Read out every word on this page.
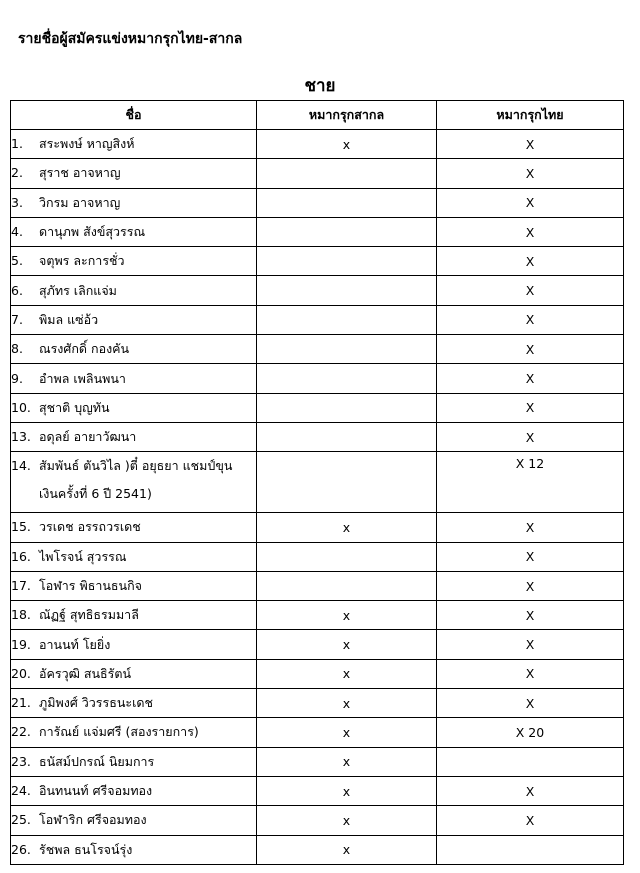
รายชื่อผู้สมัครแข่งหมากรุกไทย-สากล
ชาย
ชื่อ	หมากรุกสากล	หมากรุกไทย
1. สระพงษ์ หาญสิงห์	x	X
2. สุราช อาจหาญ		X
3. วิกรม อาจหาญ		X
4. ดานุภพ สังข์สุวรรณ		X
5. จตุพร ละการชั่ว		X
6. สุภัทร เลิกแจ่ม		X
7. พิมล แซ่อ้ว		X
8. ณรงศักดิ์ กองคัน		X
9. อำพล เพลินพนา		X
10. สุชาติ บุญทัน		X
13. อดุลย์ อายาวัฒนา		X
14. สัมพันธ์ ตันวิไล )ตี๋ อยุธยา แชมป์ขุนเงินครั้งที่ 6 ปี 2541)		X 12
15. วรเดช อรรถวรเดช	x	X
16. ไพโรจน์ สุวรรณ		X
17. โอฬาร พิธานธนกิจ		X
18. ณัฏฐ์ สุทธิธรมมาลี	x	X
19. อานนท์ โยยิ่ง	x	X
20. อัครวุฒิ สนธิรัตน์	x	X
21. ภูมิพงศ์ วิวรรธนะเดช	x	X
22. การัณย์ แจ่มศรี (สองรายการ)	x	X 20
23. ธนัสม์ปกรณ์ นิยมการ	x	
24. อินทนนท์ ศรีจอมทอง	x	X
25. โอฬาริก ศรีจอมทอง	x	X
26. รัชพล ธนโรจน์รุ่ง	x	
